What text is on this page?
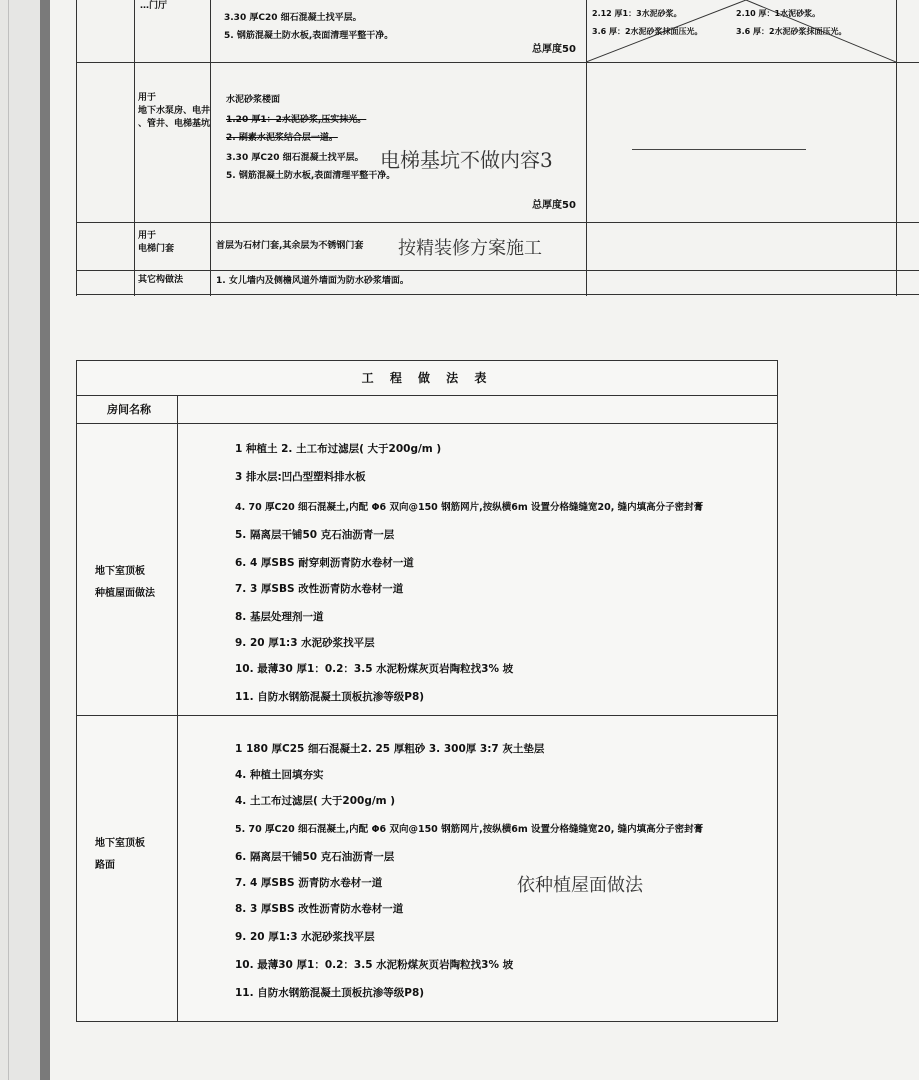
…门厅
3.30 厚C20 细石混凝土找平层。
5. 钢筋混凝土防水板,表面清理平整干净。
总厚度50
2.12 厚1：3水泥砂浆。
3.6 厚：2水泥砂浆抹面压光。
2.10 厚：1水泥砂浆。
3.6 厚：2水泥砂浆抹面压光。
用于
地下水泵房、电井
、管井、电梯基坑
水泥砂浆楼面
1.20 厚1：2水泥砂浆,压实抹光。
2. 刷素水泥浆结合层一道。
3.30 厚C20 细石混凝土找平层。
5. 钢筋混凝土防水板,表面清理平整干净。
电梯基坑不做内容3
总厚度50
用于
电梯门套	首层为石材门套,其余层为不锈钢门套 按精装修方案施工
其它构做法	1. 女儿墙内及侧檐风道外墙面为防水砂浆墙面。
工 程 做 法 表
房间名称
地下室顶板
种植屋面做法
1 种植土 2. 土工布过滤层( 大于200g/m )
3 排水层:凹凸型塑料排水板
4. 70 厚C20 细石混凝土,内配 Φ6 双向@150 钢筋网片,按纵横6m 设置分格缝缝宽20, 缝内填高分子密封膏
5. 隔离层干铺50 克石油沥青一层
6. 4 厚SBS 耐穿刺沥青防水卷材一道
7. 3 厚SBS 改性沥青防水卷材一道
8. 基层处理剂一道
9. 20 厚1:3 水泥砂浆找平层
10. 最薄30 厚1：0.2：3.5 水泥粉煤灰页岩陶粒找3% 坡
11. 自防水钢筋混凝土顶板抗渗等级P8)
地下室顶板
路面
1 180 厚C25 细石混凝土2. 25 厚粗砂 3. 300厚 3:7 灰土垫层
4. 种植土回填夯实
4. 土工布过滤层( 大于200g/m )
5. 70 厚C20 细石混凝土,内配 Φ6 双向@150 钢筋网片,按纵横6m 设置分格缝缝宽20, 缝内填高分子密封膏
6. 隔离层干铺50 克石油沥青一层
7. 4 厚SBS 沥青防水卷材一道
8. 3 厚SBS 改性沥青防水卷材一道
9. 20 厚1:3 水泥砂浆找平层
10. 最薄30 厚1：0.2：3.5 水泥粉煤灰页岩陶粒找3% 坡
11. 自防水钢筋混凝土顶板抗渗等级P8)
依种植屋面做法
